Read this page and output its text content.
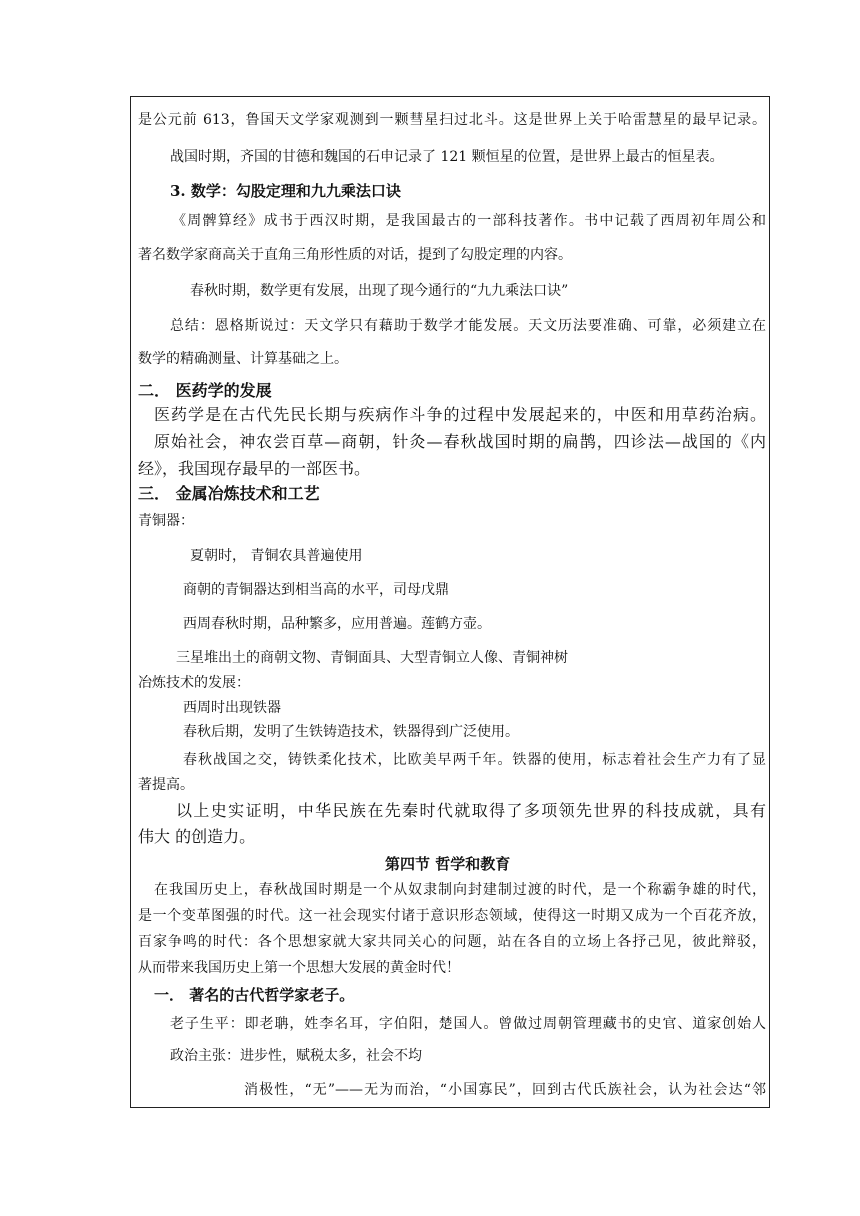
是公元前 613，鲁国天文学家观测到一颗彗星扫过北斗。这是世界上关于哈雷慧星的最早记录。
战国时期，齐国的甘德和魏国的石申记录了 121 颗恒星的位置，是世界上最古的恒星表。
3. 数学：勾股定理和九九乘法口诀
《周髀算经》成书于西汉时期，是我国最古的一部科技著作。书中记载了西周初年周公和
著名数学家商高关于直角三角形性质的对话，提到了勾股定理的内容。
春秋时期，数学更有发展，出现了现今通行的“九九乘法口诀”
总结：恩格斯说过：天文学只有藉助于数学才能发展。天文历法要准确、可靠，必须建立在
数学的精确测量、计算基础之上。
二． 医药学的发展
医药学是在古代先民长期与疾病作斗争的过程中发展起来的，中医和用草药治病。
原始社会，神农尝百草—商朝，针灸—春秋战国时期的扁鹊，四诊法—战国的《内
经》，我国现存最早的一部医书。
三． 金属冶炼技术和工艺
青铜器：
夏朝时， 青铜农具普遍使用
商朝的青铜器达到相当高的水平，司母戊鼎
西周春秋时期，品种繁多，应用普遍。莲鹤方壶。
三星堆出土的商朝文物、青铜面具、大型青铜立人像、青铜神树
冶炼技术的发展：
西周时出现铁器
春秋后期，发明了生铁铸造技术，铁器得到广泛使用。
春秋战国之交，铸铁柔化技术，比欧美早两千年。铁器的使用，标志着社会生产力有了显
著提高。
以上史实证明，中华民族在先秦时代就取得了多项领先世界的科技成就，具有
伟大 的创造力。
第四节 哲学和教育
在我国历史上，春秋战国时期是一个从奴隶制向封建制过渡的时代，是一个称霸争雄的时代，
是一个变革图强的时代。这一社会现实付诸于意识形态领域，使得这一时期又成为一个百花齐放，
百家争鸣的时代：各个思想家就大家共同关心的问题，站在各自的立场上各抒己见，彼此辩驳，
从而带来我国历史上第一个思想大发展的黄金时代！
一． 著名的古代哲学家老子。
老子生平：即老聃，姓李名耳，字伯阳，楚国人。曾做过周朝管理藏书的史官、道家创始人
政治主张：进步性，赋税太多，社会不均
消极性，“无”——无为而治，“小国寡民”，回到古代氏族社会，认为社会达“邻
